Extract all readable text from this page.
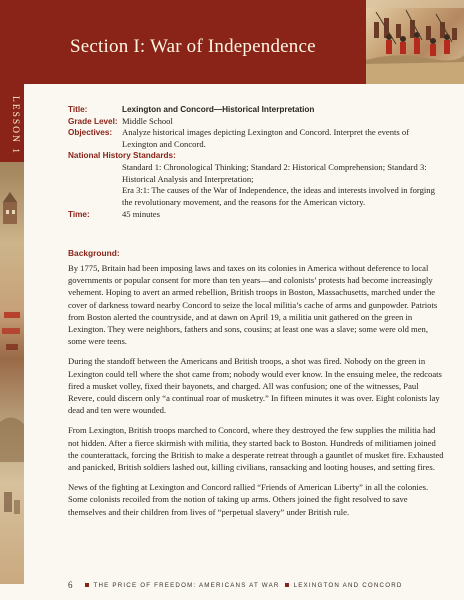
Section I: War of Independence
LESSON 1	Title:	Lexington and Concord—Historical Interpretation
Grade Level: Middle School
Objectives:	Analyze historical images depicting Lexington and Concord. Interpret the events of Lexington and Concord.
National History Standards:
Standard 1: Chronological Thinking; Standard 2: Historical Comprehension; Standard 3: Historical Analysis and Interpretation;
Era 3:1: The causes of the War of Independence, the ideas and interests involved in forging the revolutionary movement, and the reasons for the American victory.
Time:	45 minutes
Background:

By 1775, Britain had been imposing laws and taxes on its colonies in America without deference to local governments or popular consent for more than ten years—and colonists’ protests had become increasingly vehement. Hoping to avert an armed rebellion, British troops in Boston, Massachusetts, marched under the cover of darkness toward nearby Concord to seize the local militia’s cache of arms and gunpowder. Patriots from Boston alerted the countryside, and at dawn on April 19, a militia unit gathered on the green in Lexington. They were neighbors, fathers and sons, cousins; at least one was a slave; some were old men, some were teens.

During the standoff between the Americans and British troops, a shot was fired. Nobody on the green in Lexington could tell where the shot came from; nobody would ever know. In the ensuing melee, the redcoats fired a musket volley, fixed their bayonets, and charged. All was confusion; one of the witnesses, Paul Revere, could discern only “a continual roar of musketry.” In fifteen minutes it was over. Eight colonists lay dead and ten were wounded.

From Lexington, British troops marched to Concord, where they destroyed the few supplies the militia had not hidden. After a fierce skirmish with militia, they started back to Boston. Hundreds of militiamen joined the counterattack, forcing the British to make a desperate retreat through a gauntlet of musket fire. Exhausted and panicked, British soldiers lashed out, killing civilians, ransacking and looting houses, and setting fires.

News of the fighting at Lexington and Concord rallied “Friends of American Liberty” in all the colonies. Some colonists recoiled from the notion of taking up arms. Others joined the fight resolved to save themselves and their children from lives of “perpetual slavery” under British rule.

6	THE PRICE OF FREEDOM: AMERICANS AT WAR LEXINGTON AND CONCORD
